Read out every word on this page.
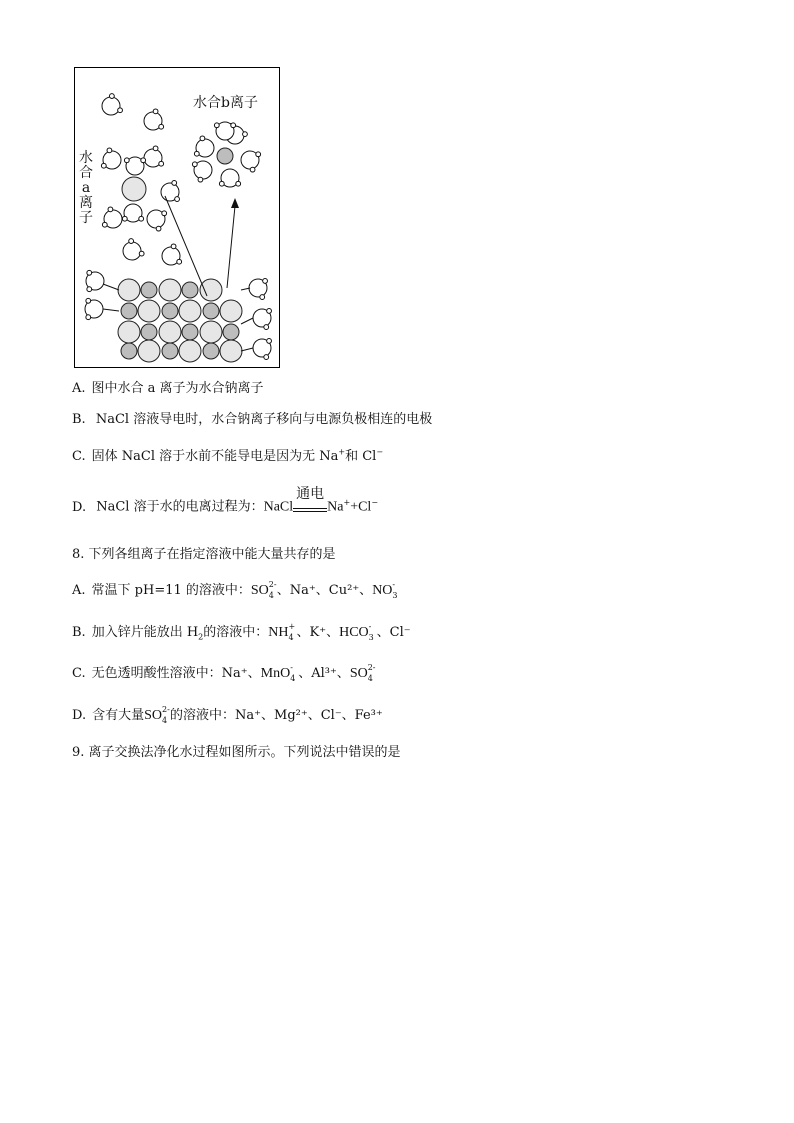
水合b离子
水
合
a
离
子
A. 图中水合 a 离子为水合钠离子
B. NaCl 溶液导电时，水合钠离子移向与电源负极相连的电极
C. 固体 NaCl 溶于水前不能导电是因为无 Na+和 Cl−
D. NaCl 溶于水的电离过程为：NaCl
通电
Na++Cl−
8. 下列各组离子在指定溶液中能大量共存的是
A. 常温下 pH=11 的溶液中：SO 2-
4 、Na⁺、Cu²⁺、NO -
3
B. 加入锌片能放出 $H_2$的溶液中：NH +
4 、K⁺、HCO -
3 、Cl⁻
C. 无色透明酸性溶液中：Na⁺、MnO -
4 、Al³⁺、SO 2-
4
D. 含有大量SO 2-
4 的溶液中：Na⁺、Mg²⁺、Cl⁻、Fe³⁺
9. 离子交换法净化水过程如图所示。下列说法中错误的是
